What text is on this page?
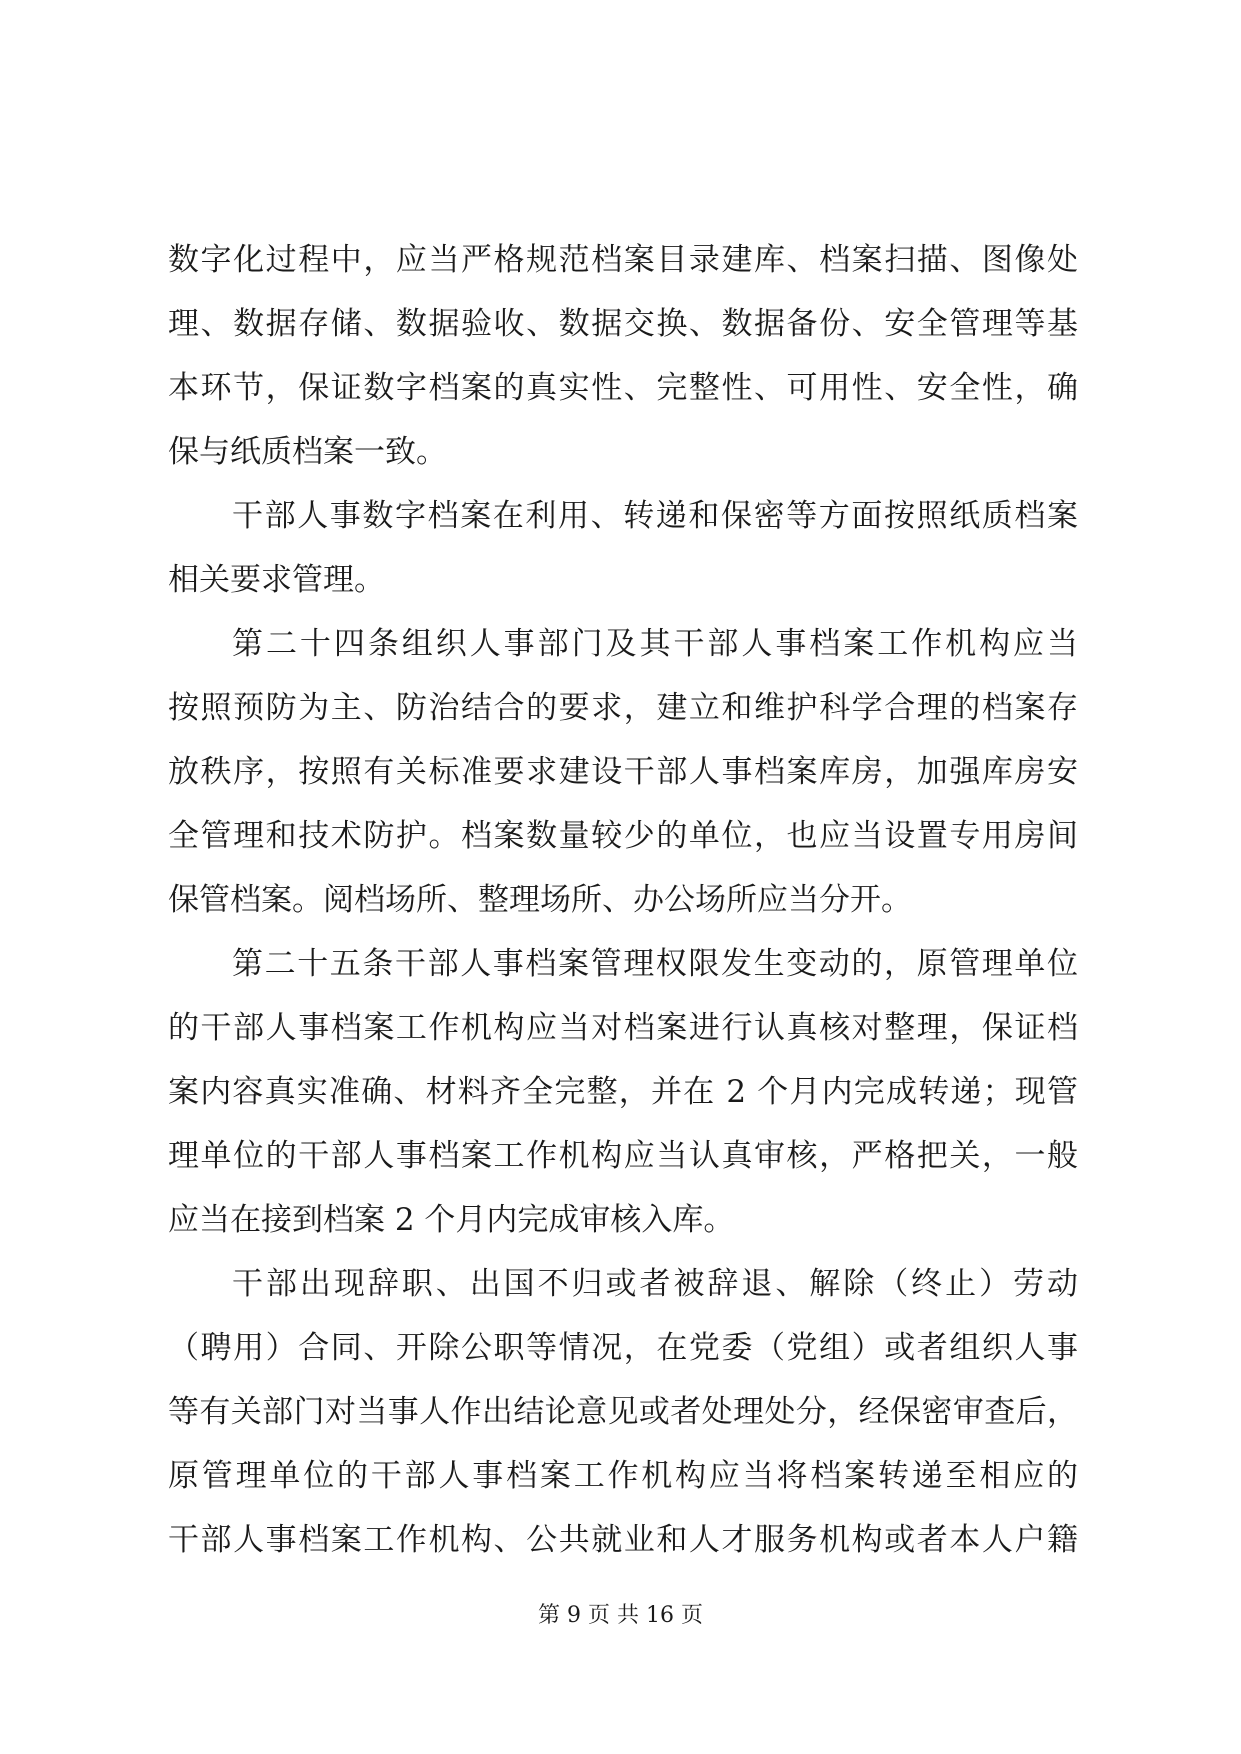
数字化过程中，应当严格规范档案目录建库、档案扫描、图像处
理、数据存储、数据验收、数据交换、数据备份、安全管理等基
本环节，保证数字档案的真实性、完整性、可用性、安全性，确
保与纸质档案一致。
干部人事数字档案在利用、转递和保密等方面按照纸质档案
相关要求管理。
第二十四条组织人事部门及其干部人事档案工作机构应当
按照预防为主、防治结合的要求，建立和维护科学合理的档案存
放秩序，按照有关标准要求建设干部人事档案库房，加强库房安
全管理和技术防护。档案数量较少的单位，也应当设置专用房间
保管档案。阅档场所、整理场所、办公场所应当分开。
第二十五条干部人事档案管理权限发生变动的，原管理单位
的干部人事档案工作机构应当对档案进行认真核对整理，保证档
案内容真实准确、材料齐全完整，并在 2 个月内完成转递；现管
理单位的干部人事档案工作机构应当认真审核，严格把关，一般
应当在接到档案 2 个月内完成审核入库。
干部出现辞职、出国不归或者被辞退、解除（终止）劳动
（聘用）合同、开除公职等情况，在党委（党组）或者组织人事
等有关部门对当事人作出结论意见或者处理处分，经保密审查后，
原管理单位的干部人事档案工作机构应当将档案转递至相应的
干部人事档案工作机构、公共就业和人才服务机构或者本人户籍
第 9 页 共 16 页
